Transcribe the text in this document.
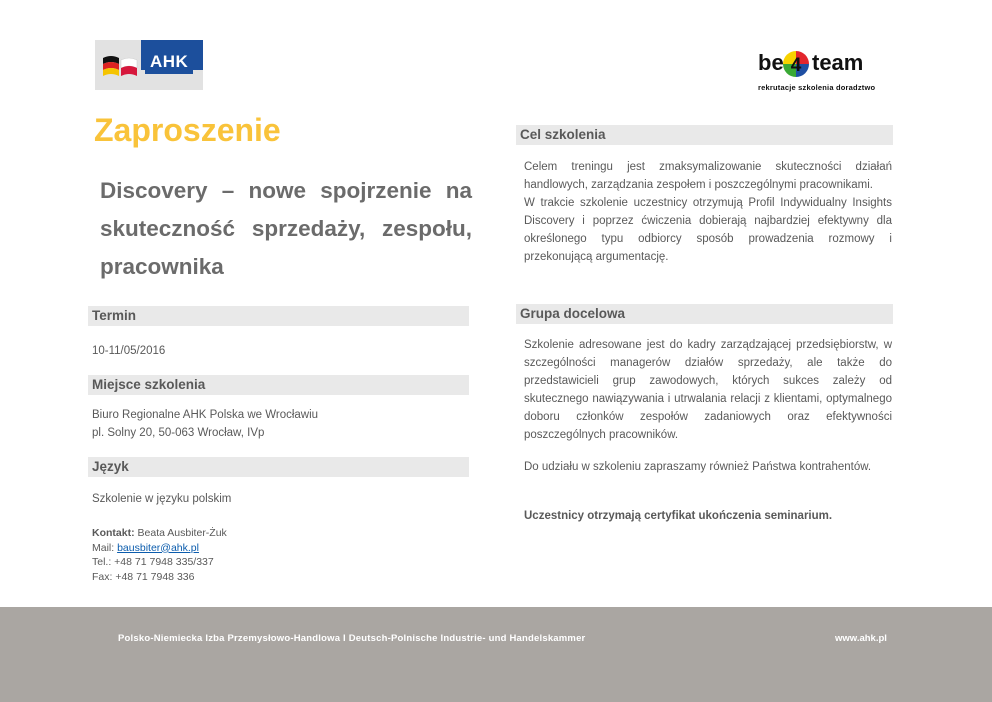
AHK	be 4 team
rekrutacje szkolenia doradztwo
Zaproszenie
Discovery – nowe spojrzenie na skuteczność sprzedaży, zespołu, pracownika
Termin
10-11/05/2016
Miejsce szkolenia
Biuro Regionalne AHK Polska we Wrocławiu
pl. Solny 20, 50-063 Wrocław, IVp
Język
Szkolenie w języku polskim
Kontakt: Beata Ausbiter-Żuk
Mail: bausbiter@ahk.pl
Tel.: +48 71 7948 335/337
Fax: +48 71 7948 336
Cel szkolenia
Celem treningu jest zmaksymalizowanie skuteczności działań handlowych, zarządzania zespołem i poszczególnymi pracownikami.
W trakcie szkolenie uczestnicy otrzymują Profil Indywidualny Insights Discovery i poprzez ćwiczenia dobierają najbardziej efektywny dla określonego typu odbiorcy sposób prowadzenia rozmowy i przekonującą argumentację.
Grupa docelowa
Szkolenie adresowane jest do kadry zarządzającej przedsiębiorstw, w szczególności managerów działów sprzedaży, ale także do przedstawicieli grup zawodowych, których sukces zależy od skutecznego nawiązywania i utrwalania relacji z klientami, optymalnego doboru członków zespołów zadaniowych oraz efektywności poszczególnych pracowników.
Do udziału w szkoleniu zapraszamy również Państwa kontrahentów.
Uczestnicy otrzymają certyfikat ukończenia seminarium.
Polsko-Niemiecka Izba Przemysłowo-Handlowa I Deutsch-Polnische Industrie- und Handelskammer	www.ahk.pl
